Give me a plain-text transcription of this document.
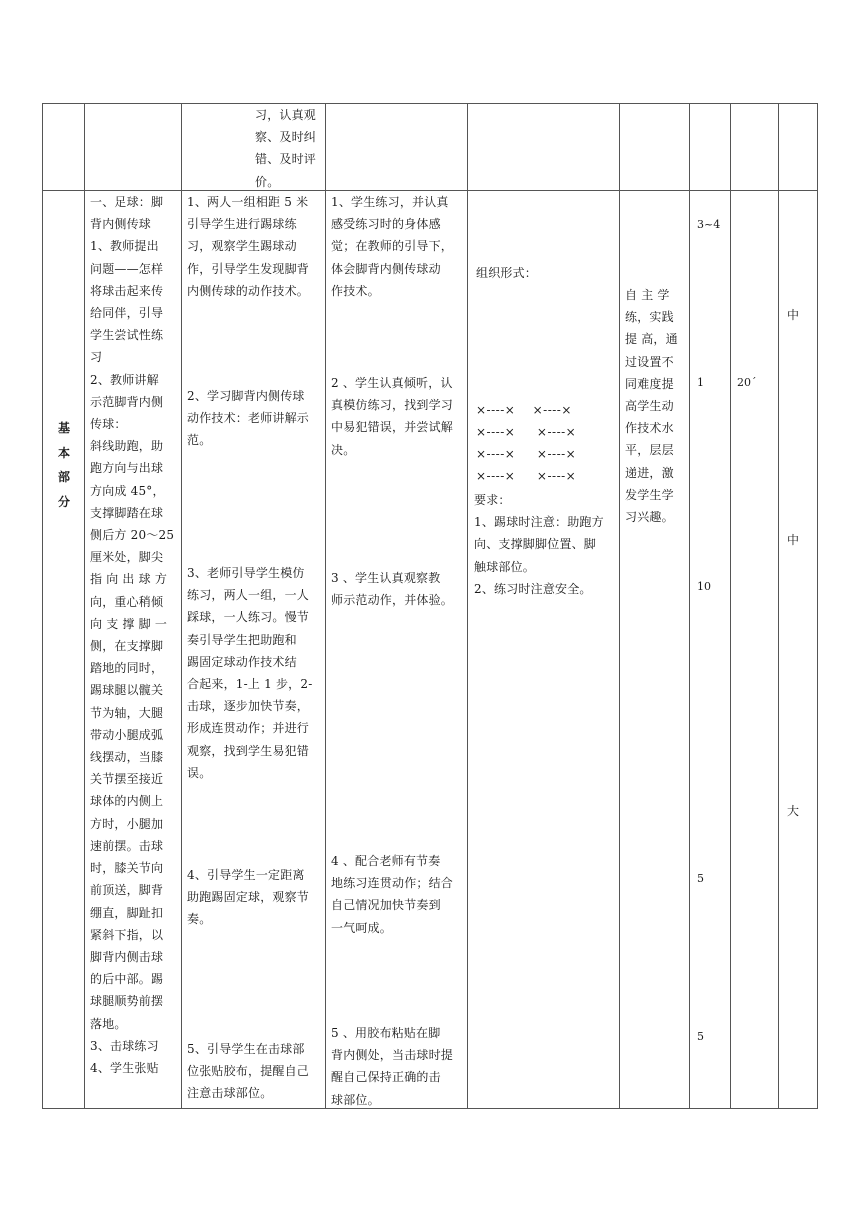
习，认真观
察、及时纠
错、及时评
价。
基
本
部
分
一、足球：脚
背内侧传球
1、教师提出
问题——怎样
将球击起来传
给同伴，引导
学生尝试性练
习
2、教师讲解
示范脚背内侧
传球：
斜线助跑，助
跑方向与出球
方向成 45°，
支撑脚踏在球
侧后方 20～25
厘米处，脚尖
指 向 出 球 方
向，重心稍倾
向 支 撑 脚 一
侧，在支撑脚
踏地的同时，
踢球腿以髋关
节为轴，大腿
带动小腿成弧
线摆动，当膝
关节摆至接近
球体的内侧上
方时，小腿加
速前摆。击球
时，膝关节向
前顶送，脚背
绷直，脚趾扣
紧斜下指，以
脚背内侧击球
的后中部。踢
球腿顺势前摆
落地。
3、击球练习
4、学生张贴
1、两人一组相距 5 米
引导学生进行踢球练
习，观察学生踢球动
作，引导学生发现脚背
内侧传球的动作技术。
2、学习脚背内侧传球
动作技术：老师讲解示
范。
3、老师引导学生模仿
练习，两人一组，一人
踩球，一人练习。慢节
奏引导学生把助跑和
踢固定球动作技术结
合起来，1-上 1 步，2-
击球，逐步加快节奏，
形成连贯动作；并进行
观察，找到学生易犯错
误。
4、引导学生一定距离
助跑踢固定球，观察节
奏。
5、引导学生在击球部
位张贴胶布，提醒自己
注意击球部位。
1、学生练习，并认真
感受练习时的身体感
觉；在教师的引导下，
体会脚背内侧传球动
作技术。
2 、学生认真倾听，认
真模仿练习，找到学习
中易犯错误，并尝试解
决。
3 、学生认真观察教
师示范动作，并体验。
4 、配合老师有节奏
地练习连贯动作；结合
自己情况加快节奏到
一气呵成。
5 、用胶布粘贴在脚
背内侧处，当击球时提
醒自己保持正确的击
球部位。
组织形式：
×----×    ×----×
×----×     ×----×
×----×     ×----×
×----×     ×----×
要求：
1、踢球时注意：助跑方
向、支撑脚脚位置、脚
触球部位。
2、练习时注意安全。
自 主 学
练，实践
提 高，通
过设置不
同难度提
高学生动
作技术水
平，层层
递进，激
发学生学
习兴趣。
3~4
1
10
5
5
20´
中
中
大
